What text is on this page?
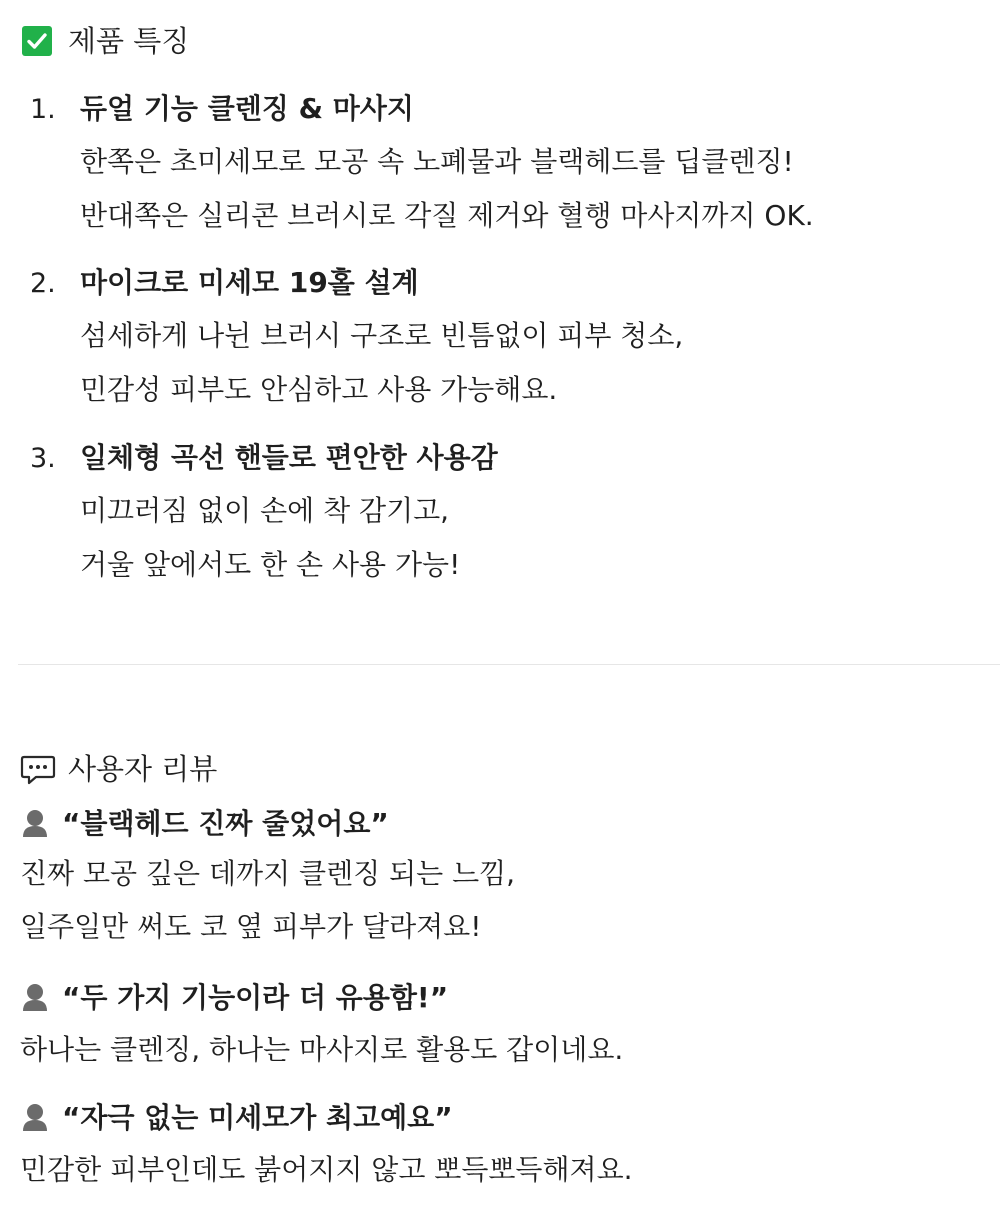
제품 특징
1. 듀얼 기능 클렌징 & 마사지
한쪽은 초미세모로 모공 속 노폐물과 블랙헤드를 딥클렌징!
반대쪽은 실리콘 브러시로 각질 제거와 혈행 마사지까지 OK.
2. 마이크로 미세모 19홀 설계
섬세하게 나뉜 브러시 구조로 빈틈없이 피부 청소,
민감성 피부도 안심하고 사용 가능해요.
3. 일체형 곡선 핸들로 편안한 사용감
미끄러짐 없이 손에 착 감기고,
거울 앞에서도 한 손 사용 가능!
사용자 리뷰
“블랙헤드 진짜 줄었어요”
진짜 모공 깊은 데까지 클렌징 되는 느낌,
일주일만 써도 코 옆 피부가 달라져요!
“두 가지 기능이라 더 유용함!”
하나는 클렌징, 하나는 마사지로 활용도 갑이네요.
“자극 없는 미세모가 최고예요”
민감한 피부인데도 붉어지지 않고 뽀득뽀득해져요.
